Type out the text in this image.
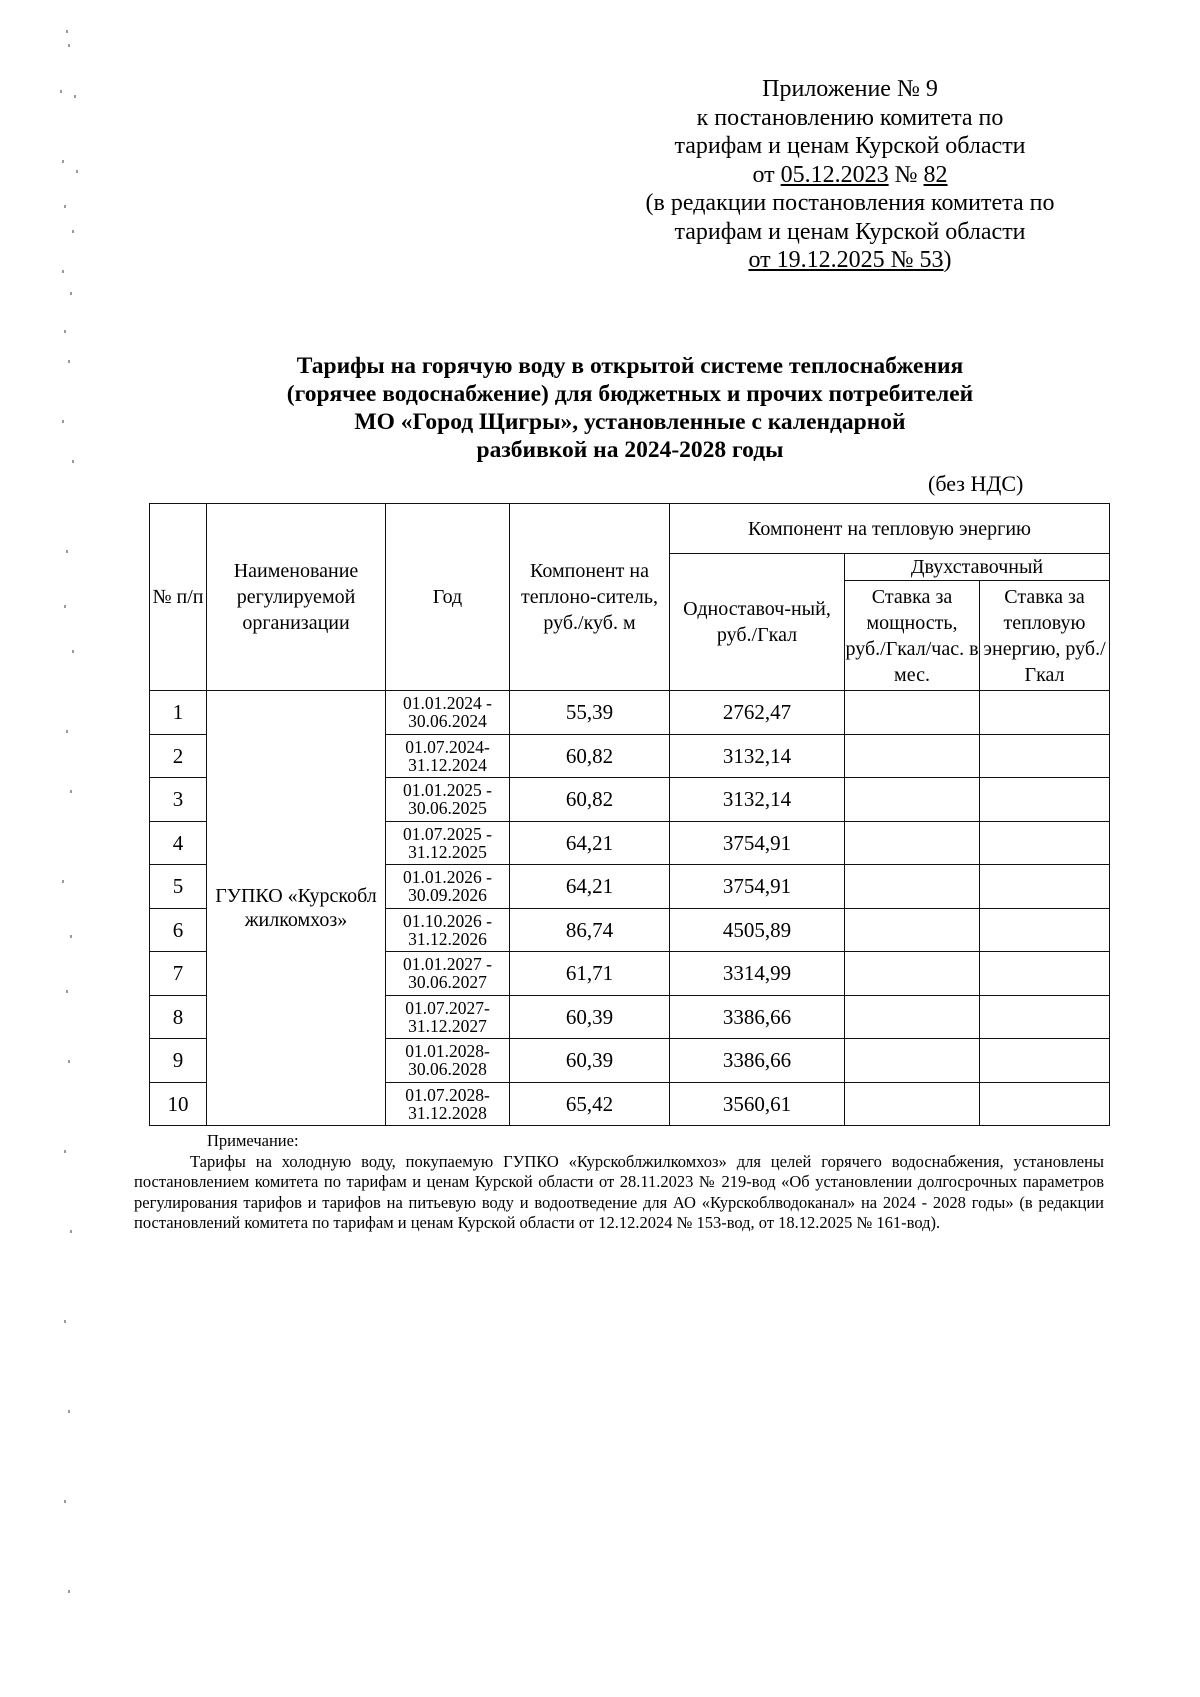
Приложение № 9
к постановлению комитета по
тарифам и ценам Курской области
от 05.12.2023 № 82
(в редакции постановления комитета по
тарифам и ценам Курской области
от 19.12.2025 № 53)
Тарифы на горячую воду в открытой системе теплоснабжения
(горячее водоснабжение) для бюджетных и прочих потребителей
МО «Город Щигры», установленные с календарной
разбивкой на 2024-2028 годы
(без НДС)
№ п/п	Наименование регулируемой организации	Год	Компонент на теплоно-ситель, руб./куб. м	Компонент на тепловую энергию		
				Одноставоч-ный, руб./Гкал	Двухставочный	
					Ставка за мощность, руб./Гкал/час. в мес.	Ставка за тепловую энергию, руб./Гкал
1	ГУПКО «Курскобл жилкомхоз»	01.01.2024 - 30.06.2024	55,39	2762,47		
2		01.07.2024- 31.12.2024	60,82	3132,14		
3		01.01.2025 - 30.06.2025	60,82	3132,14		
4		01.07.2025 - 31.12.2025	64,21	3754,91		
5		01.01.2026 - 30.09.2026	64,21	3754,91		
6		01.10.2026 - 31.12.2026	86,74	4505,89		
7		01.01.2027 - 30.06.2027	61,71	3314,99		
8		01.07.2027- 31.12.2027	60,39	3386,66		
9		01.01.2028- 30.06.2028	60,39	3386,66		
10		01.07.2028- 31.12.2028	65,42	3560,61		
Примечание:

Тарифы на холодную воду, покупаемую ГУПКО «Курскоблжилкомхоз» для целей горячего водоснабжения, установлены постановлением комитета по тарифам и ценам Курской области от 28.11.2023 № 219-вод «Об установлении долгосрочных параметров регулирования тарифов и тарифов на питьевую воду и водоотведение для АО «Курскоблводоканал» на 2024 - 2028 годы» (в редакции постановлений комитета по тарифам и ценам Курской области от 12.12.2024 № 153-вод, от 18.12.2025 № 161-вод).
